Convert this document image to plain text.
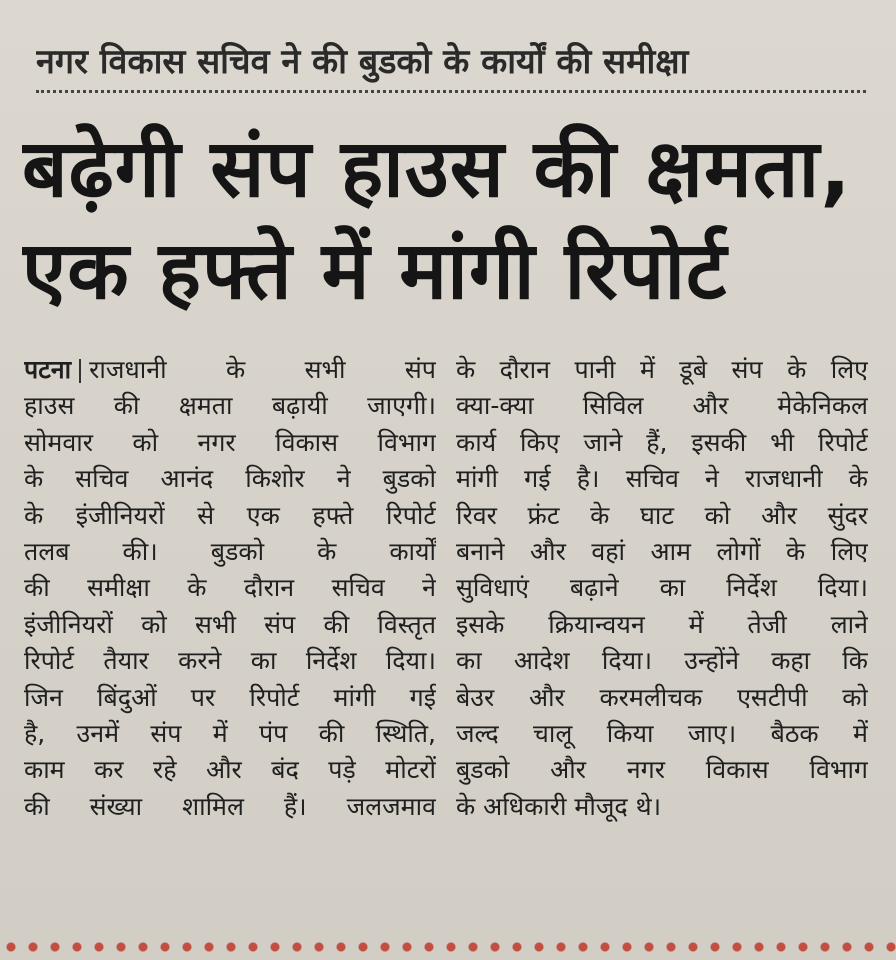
नगर विकास सचिव ने की बुडको के कार्यों की समीक्षा
बढ़ेगी संप हाउस की क्षमता,
एक हफ्ते में मांगी रिपोर्ट
पटना राजधानी के सभी संप
हाउस की क्षमता बढ़ायी जाएगी।
सोमवार को नगर विकास विभाग
के सचिव आनंद किशोर ने बुडको
के इंजीनियरों से एक हफ्ते रिपोर्ट
तलब की। बुडको के कार्यों
की समीक्षा के दौरान सचिव ने
इंजीनियरों को सभी संप की विस्तृत
रिपोर्ट तैयार करने का निर्देश दिया।
जिन बिंदुओं पर रिपोर्ट मांगी गई
है, उनमें संप में पंप की स्थिति,
काम कर रहे और बंद पड़े मोटरों
की संख्या शामिल हैं। जलजमाव
के दौरान पानी में डूबे संप के लिए
क्या-क्या सिविल और मेकेनिकल
कार्य किए जाने हैं, इसकी भी रिपोर्ट
मांगी गई है। सचिव ने राजधानी के
रिवर फ्रंट के घाट को और सुंदर
बनाने और वहां आम लोगों के लिए
सुविधाएं बढ़ाने का निर्देश दिया।
इसके क्रियान्वयन में तेजी लाने
का आदेश दिया। उन्होंने कहा कि
बेउर और करमलीचक एसटीपी को
जल्द चालू किया जाए। बैठक में
बुडको और नगर विकास विभाग
के अधिकारी मौजूद थे।
